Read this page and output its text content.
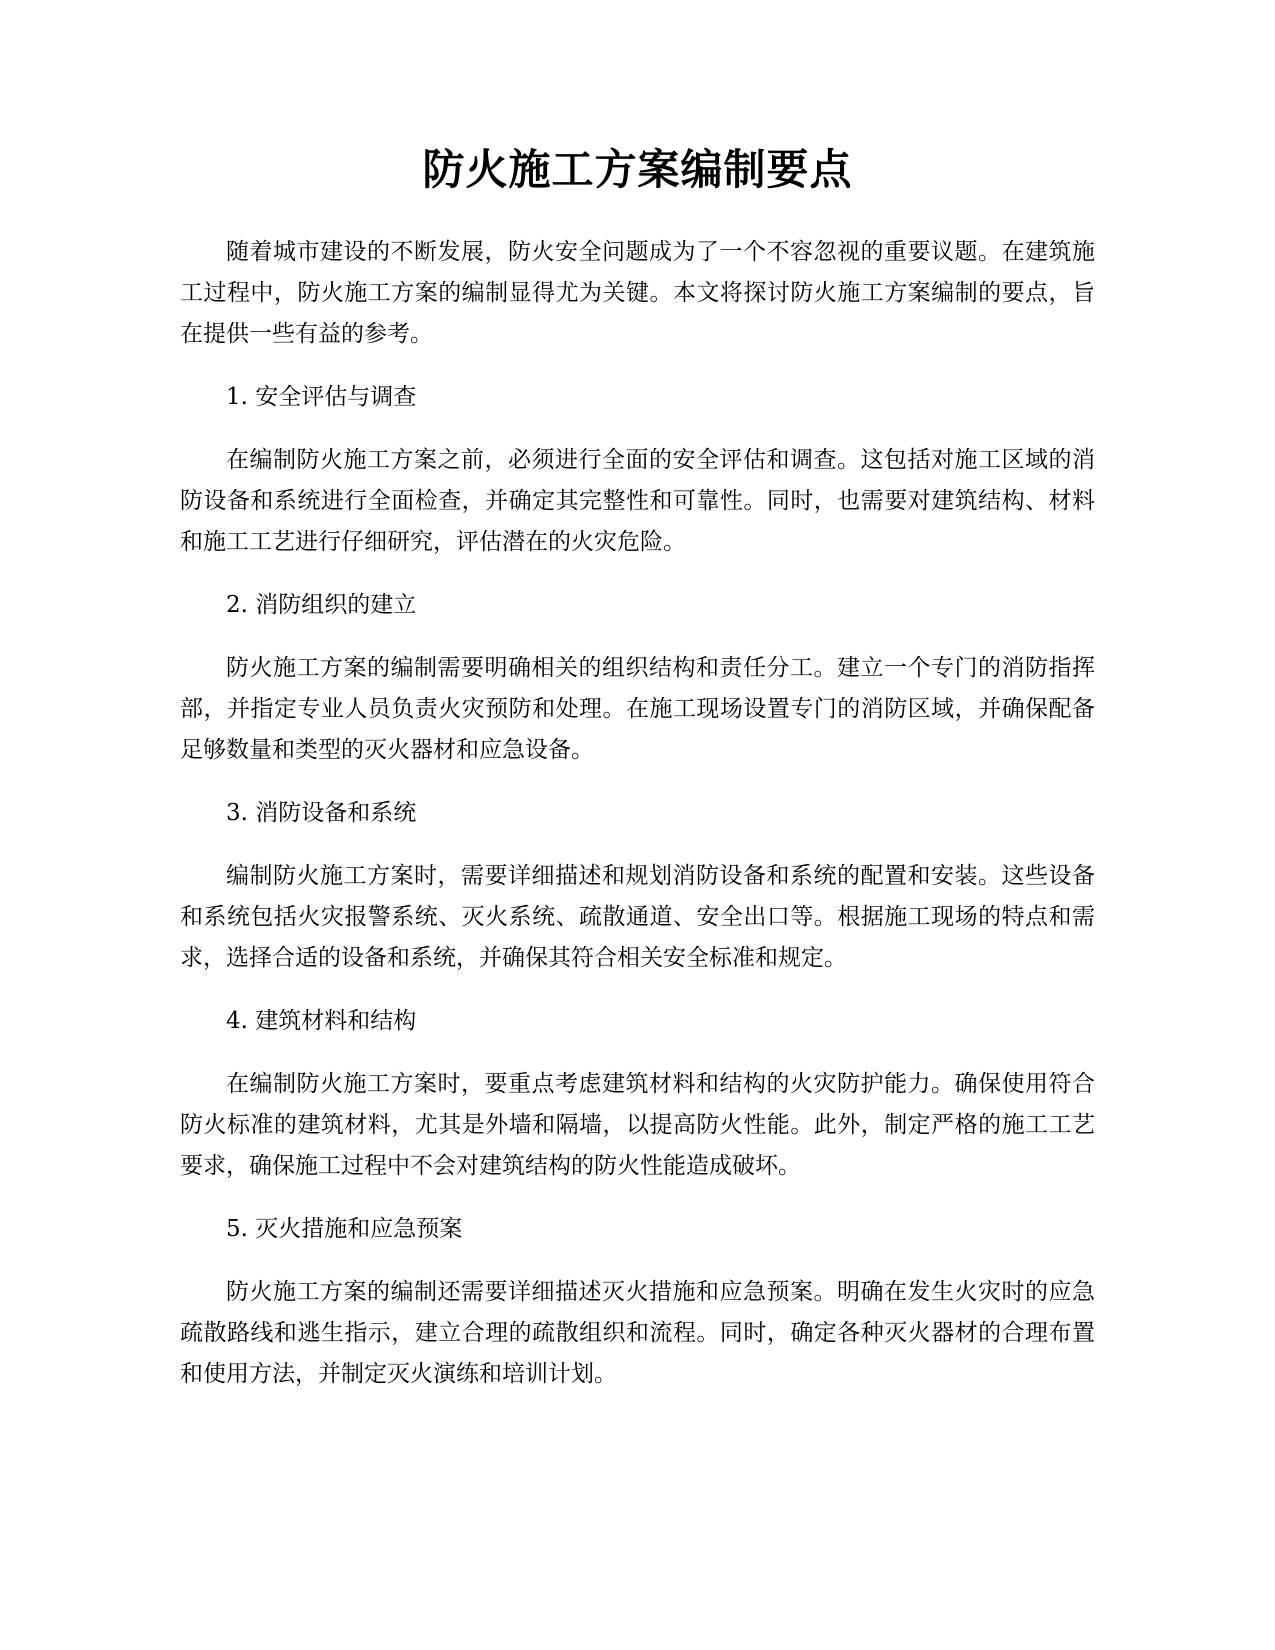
防火施工方案编制要点

随着城市建设的不断发展，防火安全问题成为了一个不容忽视的重要议题。在建筑施工过程中，防火施工方案的编制显得尤为关键。本文将探讨防火施工方案编制的要点，旨在提供一些有益的参考。

1. 安全评估与调查

在编制防火施工方案之前，必须进行全面的安全评估和调查。这包括对施工区域的消防设备和系统进行全面检查，并确定其完整性和可靠性。同时，也需要对建筑结构、材料和施工工艺进行仔细研究，评估潜在的火灾危险。

2. 消防组织的建立

防火施工方案的编制需要明确相关的组织结构和责任分工。建立一个专门的消防指挥部，并指定专业人员负责火灾预防和处理。在施工现场设置专门的消防区域，并确保配备足够数量和类型的灭火器材和应急设备。

3. 消防设备和系统

编制防火施工方案时，需要详细描述和规划消防设备和系统的配置和安装。这些设备和系统包括火灾报警系统、灭火系统、疏散通道、安全出口等。根据施工现场的特点和需求，选择合适的设备和系统，并确保其符合相关安全标准和规定。

4. 建筑材料和结构

在编制防火施工方案时，要重点考虑建筑材料和结构的火灾防护能力。确保使用符合防火标准的建筑材料，尤其是外墙和隔墙，以提高防火性能。此外，制定严格的施工工艺要求，确保施工过程中不会对建筑结构的防火性能造成破坏。

5. 灭火措施和应急预案

防火施工方案的编制还需要详细描述灭火措施和应急预案。明确在发生火灾时的应急疏散路线和逃生指示，建立合理的疏散组织和流程。同时，确定各种灭火器材的合理布置和使用方法，并制定灭火演练和培训计划。
